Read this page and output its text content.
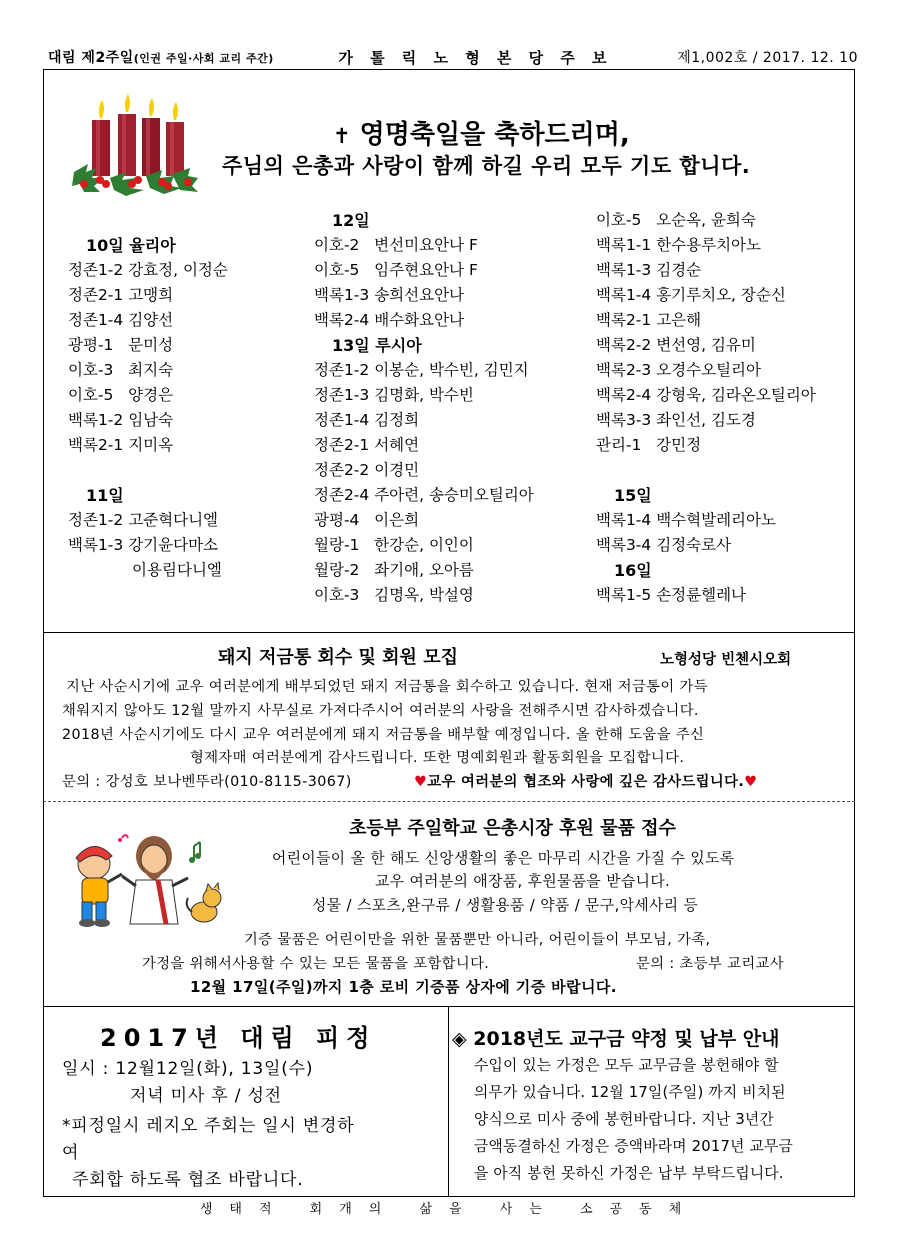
대림 제2주일(인권 주일·사회 교리 주간)	가 톨 릭 노 형 본 당 주 보	제1,002호 / 2017. 12. 10
✝ 영명축일을 축하드리며,
주님의 은총과 사랑이 함께 하길 우리 모두 기도 합니다.
10일 율리아
정존1-2 강효정, 이정순
정존2-1 고맹희
정존1-4 김양선
광평-1   문미성
이호-3   최지숙
이호-5   양경은
백록1-2 임남숙
백록2-1 지미옥
11일
정존1-2 고준혁다니엘
백록1-3 강기윤다마소
이용림다니엘
12일
이호-2   변선미요안나 F
이호-5   임주현요안나 F
백록1-3 송희선요안나
백록2-4 배수화요안나
13일 루시아
정존1-2 이봉순, 박수빈, 김민지
정존1-3 김명화, 박수빈
정존1-4 김정희
정존2-1 서혜연
정존2-2 이경민
정존2-4 주아련, 송승미오틸리아
광평-4   이은희
월랑-1   한강순, 이인이
월랑-2   좌기애, 오아름
이호-3   김명옥, 박설영
이호-5   오순옥, 윤희숙
백록1-1 한수용루치아노
백록1-3 김경순
백록1-4 홍기루치오, 장순신
백록2-1 고은해
백록2-2 변선영, 김유미
백록2-3 오경수오틸리아
백록2-4 강형욱, 김라온오틸리아
백록3-3 좌인선, 김도경
관리-1   강민정
15일
백록1-4 백수혁발레리아노
백록3-4 김정숙로사
16일
백록1-5 손정륜헬레나
돼지 저금통 회수 및 회원 모집	노형성당 빈첸시오회
지난 사순시기에 교우 여러분에게 배부되었던 돼지 저금통을 회수하고 있습니다. 현재 저금통이 가득
채워지지 않아도 12월 말까지 사무실로 가져다주시어 여러분의 사랑을 전해주시면 감사하겠습니다.
2018년 사순시기에도 다시 교우 여러분에게 돼지 저금통을 배부할 예정입니다. 올 한해 도움을 주신
형제자매 여러분에게 감사드립니다. 또한 명예회원과 활동회원을 모집합니다.
문의 : 강성호 보나벤뚜라(010-8115-3067)	♥교우 여러분의 협조와 사랑에 깊은 감사드립니다.♥
초등부 주일학교 은총시장 후원 물품 접수
어린이들이 올 한 해도 신앙생활의 좋은 마무리 시간을 가질 수 있도록
교우 여러분의 애장품, 후원물품을 받습니다.
성물 / 스포츠,완구류 / 생활용품 / 약품 / 문구,악세사리 등
기증 물품은 어린이만을 위한 물품뿐만 아니라, 어린이들이 부모님, 가족,
가정을 위해서사용할 수 있는 모든 물품을 포함합니다.	문의 : 초등부 교리교사
12월 17일(주일)까지 1층 로비 기증품 상자에 기증 바랍니다.
2017년 대림 피정
일시 : 12월12일(화), 13일(수)
저녁 미사 후 / 성전
*피정일시 레지오 주회는 일시 변경하
여
주회합 하도록 협조 바랍니다.
◈ 2018년도 교구금 약정 및 납부 안내
수입이 있는 가정은 모두 교무금을 봉헌해야 할
의무가 있습니다. 12월 17일(주일) 까지 비치된
양식으로 미사 중에 봉헌바랍니다. 지난 3년간
금액동결하신 가정은 증액바라며 2017년 교무금
을 아직 봉헌 못하신 가정은 납부 부탁드립니다.
생태적 회개의 삶을 사는 소공동체
